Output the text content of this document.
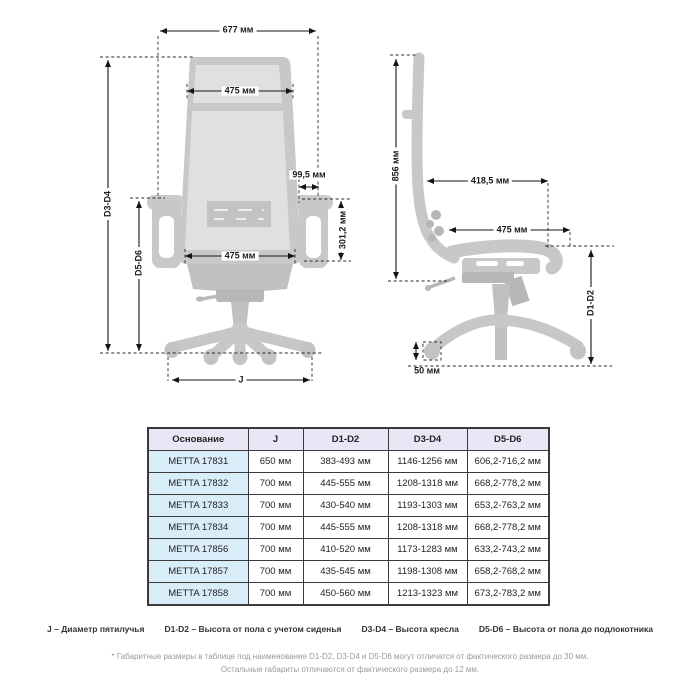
677 мм
475 мм
99,5 мм
301,2 мм
475 мм
D3-D4
D5-D6
J
856 мм	418,5 мм
475 мм
D1-D2
50 мм
Основание	J	D1-D2	D3-D4	D5-D6
METTA 17831	650 мм	383-493 мм	1146-1256 мм	606,2-716,2 мм
METTA 17832	700 мм	445-555 мм	1208-1318 мм	668,2-778,2 мм
METTA 17833	700 мм	430-540 мм	1193-1303 мм	653,2-763,2 мм
METTA 17834	700 мм	445-555 мм	1208-1318 мм	668,2-778,2 мм
METTA 17856	700 мм	410-520 мм	1173-1283 мм	633,2-743,2 мм
METTA 17857	700 мм	435-545 мм	1198-1308 мм	658,2-768,2 мм
METTA 17858	700 мм	450-560 мм	1213-1323 мм	673,2-783,2 мм
J – Диаметр пятилучья D1-D2 – Высота от пола с учетом сиденья D3-D4 – Высота кресла D5-D6 – Высота от пола до подлокотника
* Габаритные размеры в таблице под наименование D1-D2, D3-D4 и D5-D6 могут отличатся от фактического размера до 30 мм.
Остальные габариты отличаются от фактического размера до 12 мм.
